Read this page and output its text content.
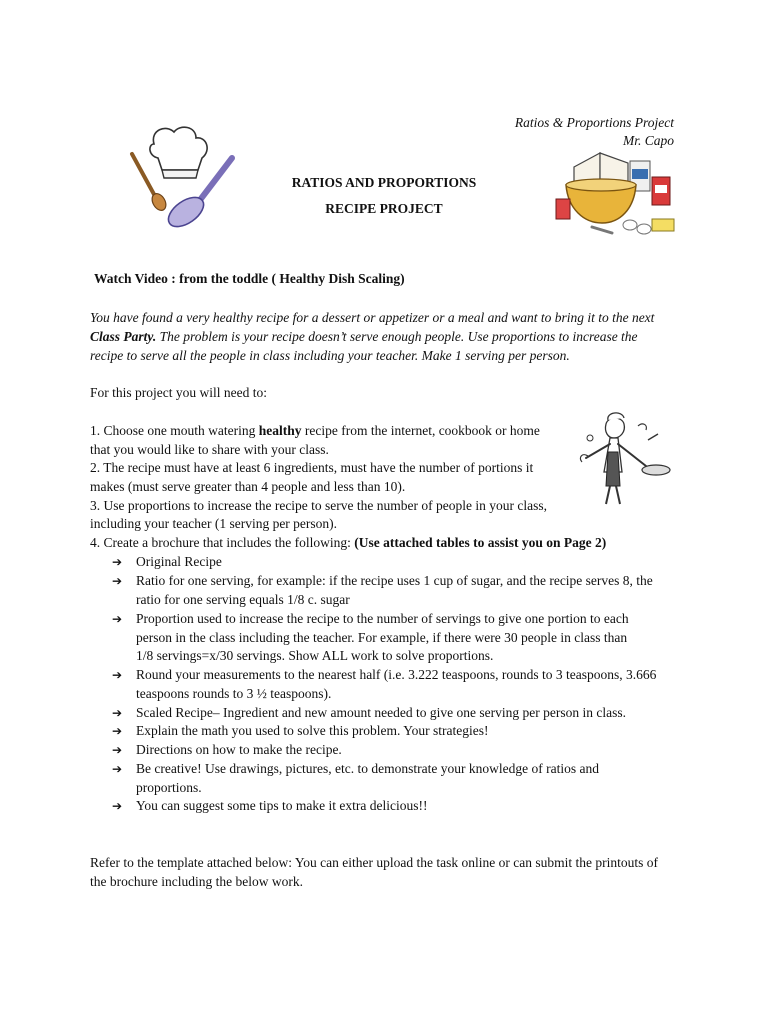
Ratios & Proportions Project
Mr. Capo
RATIOS AND PROPORTIONS
RECIPE PROJECT
Watch Video : from the toddle ( Healthy Dish Scaling)
You have found a very healthy recipe for a dessert or appetizer or a meal and want to bring it to the next
Class Party. The problem is your recipe doesn’t serve enough people. Use proportions to increase the
recipe to serve all the people in class including your teacher. Make 1 serving per person.
For this project you will need to:
1. Choose one mouth watering healthy recipe from the internet, cookbook or home
that you would like to share with your class.
2. The recipe must have at least 6 ingredients, must have the number of portions it
makes (must serve greater than 4 people and less than 10).
3. Use proportions to increase the recipe to serve the number of people in your class,
including your teacher (1 serving per person).
4. Create a brochure that includes the following: (Use attached tables to assist you on Page 2)
➔	Original Recipe
➔	Ratio for one serving, for example: if the recipe uses 1 cup of sugar, and the recipe serves 8, the
ratio for one serving equals 1/8 c. sugar
➔	Proportion used to increase the recipe to the number of servings to give one portion to each
person in the class including the teacher. For example, if there were 30 people in class than
1/8 servings=x/30 servings. Show ALL work to solve proportions.
➔	Round your measurements to the nearest half (i.e. 3.222 teaspoons, rounds to 3 teaspoons, 3.666
teaspoons rounds to 3 ½ teaspoons).
➔	Scaled Recipe– Ingredient and new amount needed to give one serving per person in class.
➔	Explain the math you used to solve this problem. Your strategies!
➔	Directions on how to make the recipe.
➔	Be creative! Use drawings, pictures, etc. to demonstrate your knowledge of ratios and
proportions.
➔	You can suggest some tips to make it extra delicious!!
Refer to the template attached below: You can either upload the task online or can submit the printouts of
the brochure including the below work.
